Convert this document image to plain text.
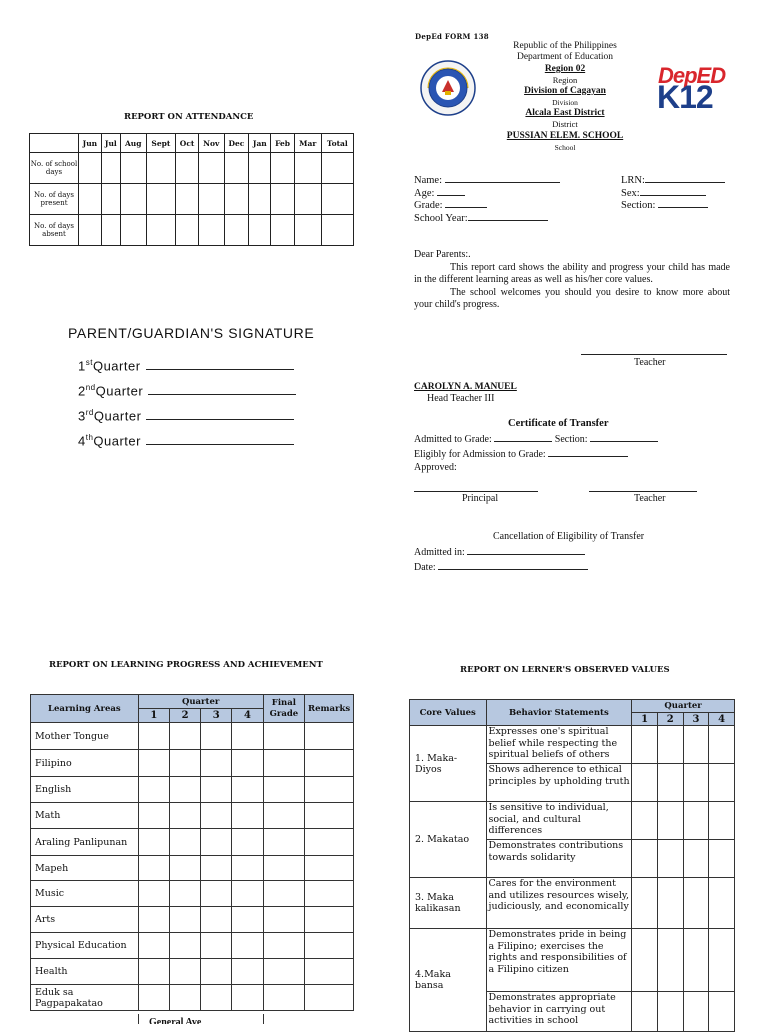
REPORT ON ATTENDANCE
	Jun	Jul	Aug	Sept	Oct	Nov	Dec	Jan	Feb	Mar	Total
No. of school days											
No. of days present											
No. of days absent											
PARENT/GUARDIAN'S SIGNATURE
1stQuarter
2ndQuarter
3rdQuarter
4thQuarter
DepEd FORM 138
Republic of the Philippines
Department of Education
Region 02
Region
Division of Cagayan
Division
Alcala East District
District
PUSSIAN ELEM. SCHOOL
School
DepED
K12
Name:	LRN:
Age:	Sex:
Grade:	Section:
School Year:
Dear Parents:.
This report card shows the ability and progress your child has made in the different learning areas as well as his/her core values.
The school welcomes you should you desire to know more about your child's progress.
Teacher
CAROLYN A. MANUEL
Head Teacher III
Certificate of Transfer
Admitted to Grade:	Section:
Eligibly for Admission to Grade:
Approved:
Principal	Teacher
Cancellation of Eligibility of Transfer
Admitted in:
Date:
REPORT ON LEARNING PROGRESS AND ACHIEVEMENT
Learning Areas	Quarter				Final
Grade	Remarks
	1	2	3	4		
Mother Tongue						
Filipino						
English						
Math						
Araling Panlipunan						
Mapeh						
Music						
Arts						
Physical Education						
Health						
Eduk sa Pagpapakatao						
General Ave
REPORT ON LERNER'S OBSERVED VALUES
Core Values	Behavior Statements	Quarter			
		1	2	3	4
1. Maka-
Diyos	Expresses one's spiritual belief while respecting the spiritual beliefs of others				
	Shows adherence to ethical principles by upholding truth				
2. Makatao	Is sensitive to individual, social, and cultural differences				
	Demonstrates contributions towards solidarity				
3. Maka
kalikasan	Cares for the environment and utilizes resources wisely, judiciously, and economically				
4.Maka
bansa	Demonstrates pride in being a Filipino; exercises the rights and responsibilities of a Filipino citizen				
	Demonstrates appropriate behavior in carrying out activities in school				
